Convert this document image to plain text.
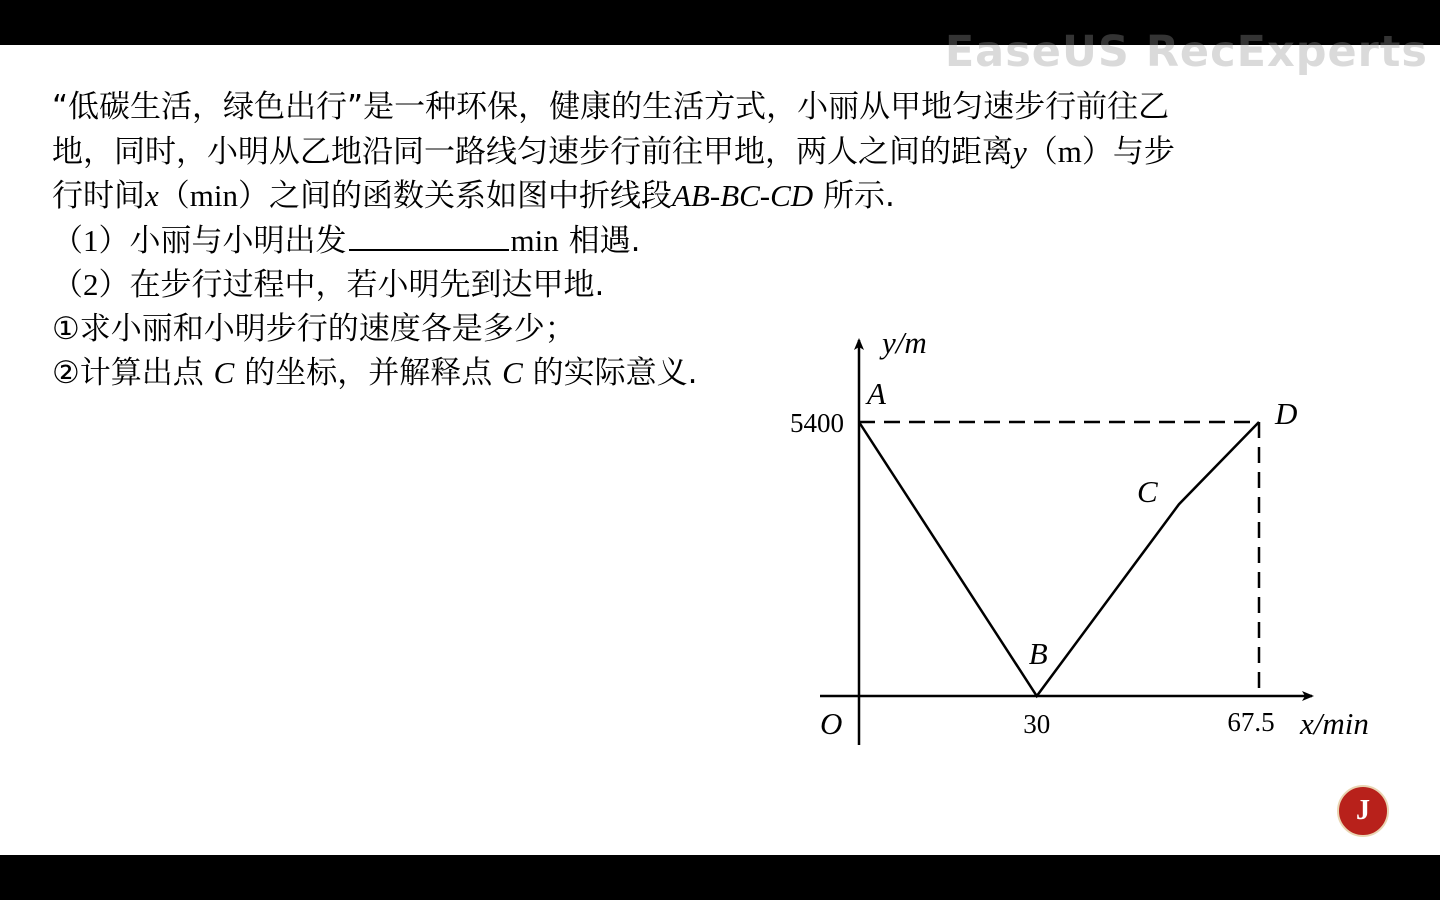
EaseUS RecExperts

“低碳生活，绿色出行”是一种环保，健康的生活方式，小丽从甲地匀速步行前往乙

地，同时，小明从乙地沿同一路线匀速步行前往甲地，两人之间的距离y（m）与步

行时间x（min）之间的函数关系如图中折线段AB-BC-CD 所示.

（1）小丽与小明出发	min 相遇.

（2）在步行过程中，若小明先到达甲地.

①求小丽和小明步行的速度各是多少；

②计算出点 C 的坐标，并解释点 C 的实际意义.

A
B
C
D
y/m
x/min
O
5400
30	67.5
J
